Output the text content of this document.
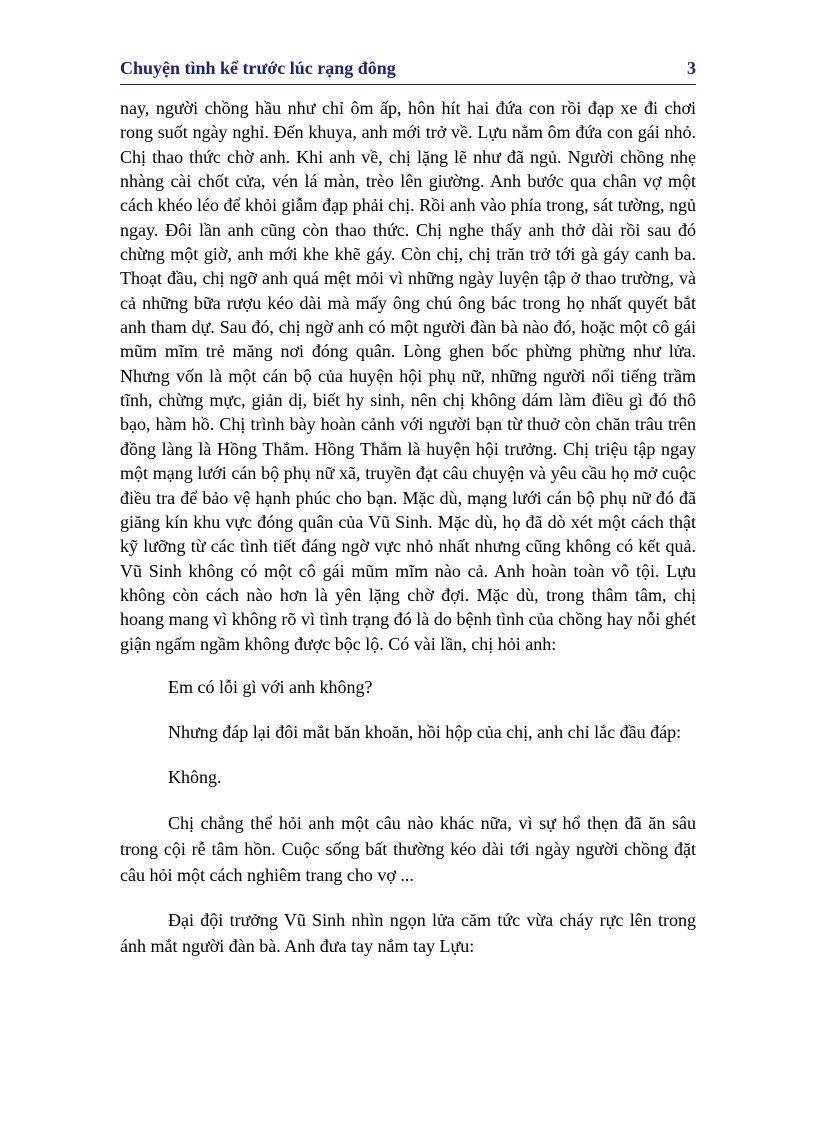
Chuyện tình kể trước lúc rạng đông	3

nay, người chồng hầu như chỉ ôm ấp, hôn hít hai đứa con rồi đạp xe đi chơi rong suốt ngày nghỉ. Đến khuya, anh mới trở về. Lựu nằm ôm đứa con gái nhỏ. Chị thao thức chờ anh. Khi anh về, chị lặng lẽ như đã ngủ. Người chồng nhẹ nhàng cài chốt cửa, vén lá màn, trèo lên giường. Anh bước qua chân vợ một cách khéo léo để khỏi giẫm đạp phải chị. Rồi anh vào phía trong, sát tường, ngủ ngay. Đôi lần anh cũng còn thao thức. Chị nghe thấy anh thở dài rồi sau đó chừng một giờ, anh mới khe khẽ gáy. Còn chị, chị trăn trở tới gà gáy canh ba. Thoạt đầu, chị ngỡ anh quá mệt mỏi vì những ngày luyện tập ở thao trường, và cả những bữa rượu kéo dài mà mấy ông chú ông bác trong họ nhất quyết bắt anh tham dự. Sau đó, chị ngờ anh có một người đàn bà nào đó, hoặc một cô gái mũm mĩm trẻ măng nơi đóng quân. Lòng ghen bốc phừng phừng như lửa. Nhưng vốn là một cán bộ của huyện hội phụ nữ, những người nổi tiếng trầm tĩnh, chừng mực, giản dị, biết hy sinh, nên chị không dám làm điều gì đó thô bạo, hàm hồ. Chị trình bày hoàn cảnh với người bạn từ thuở còn chăn trâu trên đồng làng là Hồng Thắm. Hồng Thắm là huyện hội trưởng. Chị triệu tập ngay một mạng lưới cán bộ phụ nữ xã, truyền đạt câu chuyện và yêu cầu họ mở cuộc điều tra để bảo vệ hạnh phúc cho bạn. Mặc dù, mạng lưới cán bộ phụ nữ đó đã giăng kín khu vực đóng quân của Vũ Sinh. Mặc dù, họ đã dò xét một cách thật kỹ lưỡng từ các tình tiết đáng ngờ vực nhỏ nhất nhưng cũng không có kết quả. Vũ Sinh không có một cô gái mũm mĩm nào cả. Anh hoàn toàn vô tội. Lựu không còn cách nào hơn là yên lặng chờ đợi. Mặc dù, trong thâm tâm, chị hoang mang vì không rõ vì tình trạng đó là do bệnh tình của chồng hay nỗi ghét giận ngấm ngầm không được bộc lộ. Có vài lần, chị hỏi anh:

Em có lỗi gì với anh không?

Nhưng đáp lại đôi mắt băn khoăn, hồi hộp của chị, anh chỉ lắc đầu đáp:

Không.

Chị chẳng thể hỏi anh một câu nào khác nữa, vì sự hổ thẹn đã ăn sâu trong cội rễ tâm hồn. Cuộc sống bất thường kéo dài tới ngày người chồng đặt câu hỏi một cách nghiêm trang cho vợ ...

Đại đội trưởng Vũ Sinh nhìn ngọn lửa căm tức vừa cháy rực lên trong ánh mắt người đàn bà. Anh đưa tay nắm tay Lựu:
